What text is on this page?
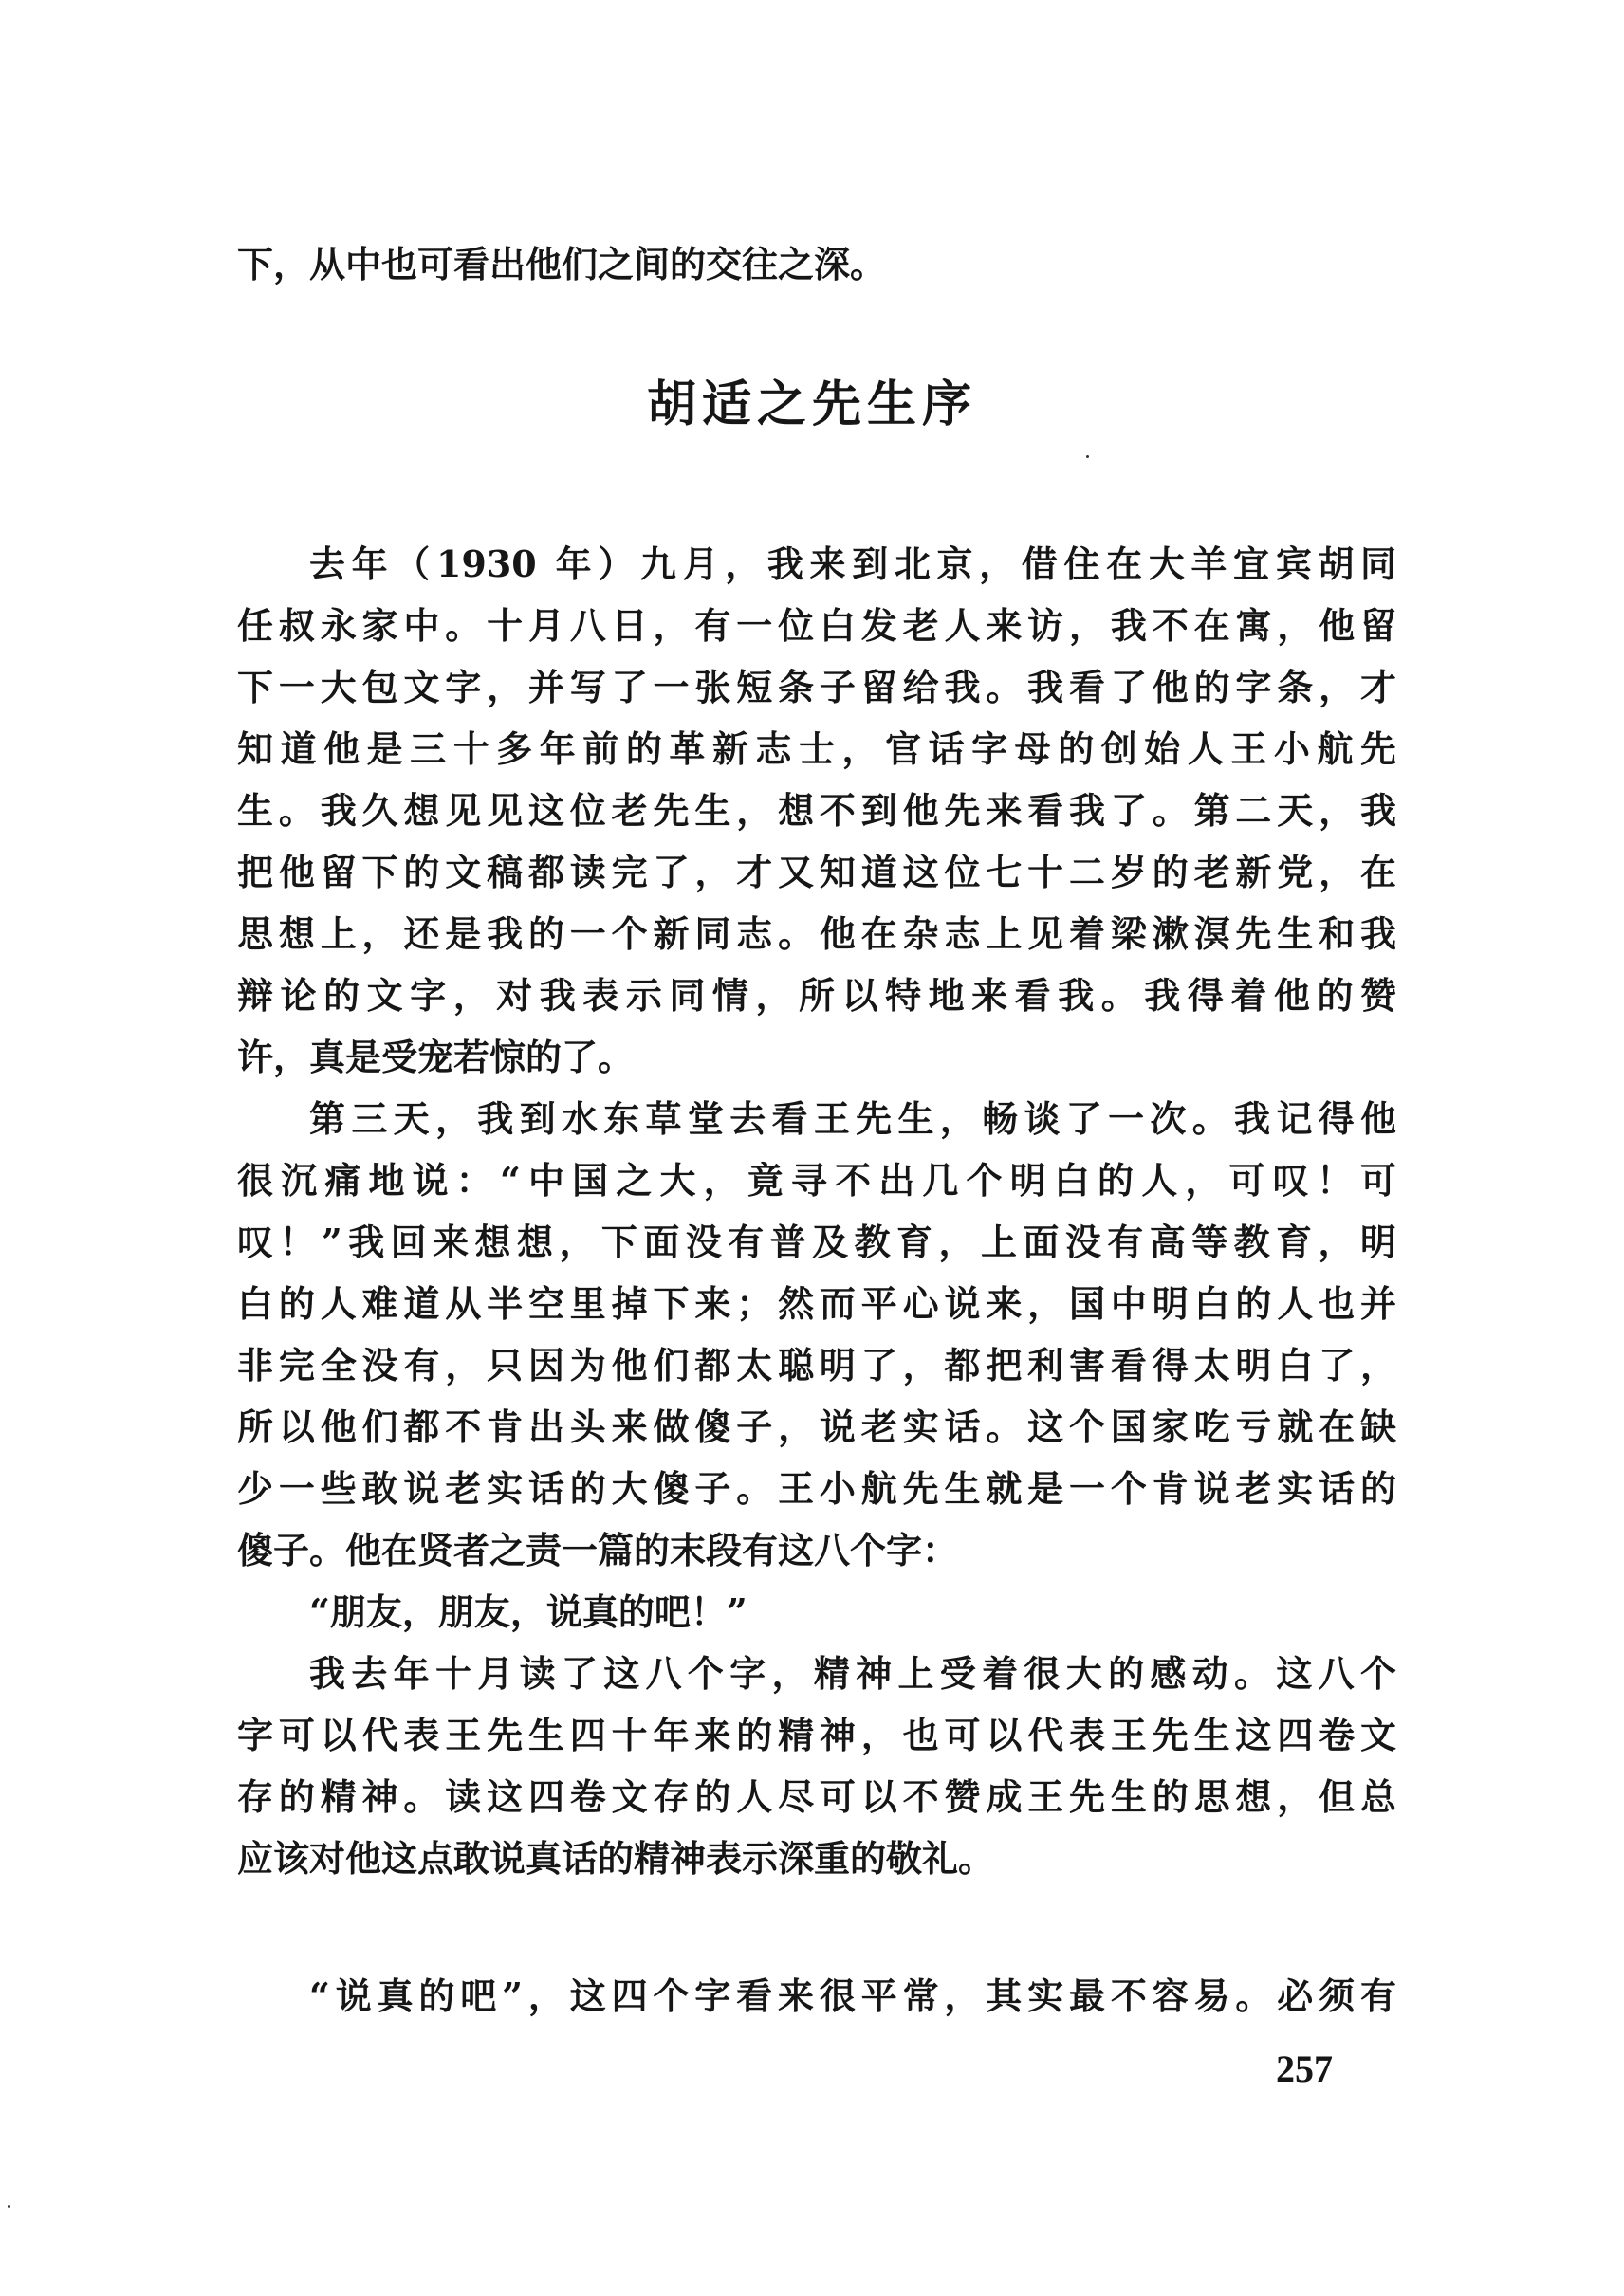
下，从中也可看出他们之间的交往之深。
胡适之先生序
去年（1930 年）九月，我来到北京，借住在大羊宜宾胡同
任叔永家中。十月八日，有一位白发老人来访，我不在寓，他留
下一大包文字，并写了一张短条子留给我。我看了他的字条，才
知道他是三十多年前的革新志士，官话字母的创始人王小航先
生。我久想见见这位老先生，想不到他先来看我了。第二天，我
把他留下的文稿都读完了，才又知道这位七十二岁的老新党，在
思想上，还是我的一个新同志。他在杂志上见着梁漱溟先生和我
辩论的文字，对我表示同情，所以特地来看我。我得着他的赞
许，真是受宠若惊的了。
第三天，我到水东草堂去看王先生，畅谈了一次。我记得他
很沉痛地说：“中国之大，竟寻不出几个明白的人，可叹！可
叹！”我回来想想，下面没有普及教育，上面没有高等教育，明
白的人难道从半空里掉下来；然而平心说来，国中明白的人也并
非完全没有，只因为他们都太聪明了，都把利害看得太明白了，
所以他们都不肯出头来做傻子，说老实话。这个国家吃亏就在缺
少一些敢说老实话的大傻子。王小航先生就是一个肯说老实话的
傻子。他在贤者之责一篇的末段有这八个字：
“朋友，朋友，说真的吧！”
我去年十月读了这八个字，精神上受着很大的感动。这八个
字可以代表王先生四十年来的精神，也可以代表王先生这四卷文
存的精神。读这四卷文存的人尽可以不赞成王先生的思想，但总
应该对他这点敢说真话的精神表示深重的敬礼。
“说真的吧”，这四个字看来很平常，其实最不容易。必须有
257
